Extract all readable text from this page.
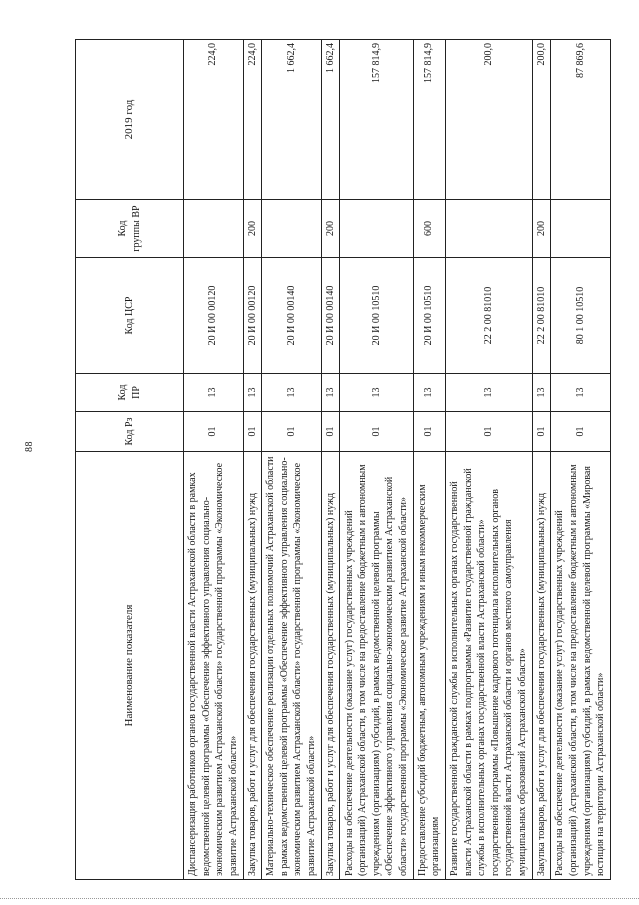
88
Наименование показателя	Код Рз	Код ПР	Код ЦСР	Код группы ВР	2019 год
Диспансеризация работников органов государственной власти Астраханской области в рамках ведомственной целевой программы «Обеспечение эффективного управления социально-экономическим развитием Астраханской области» государственной программы «Экономическое развитие Астраханской области»	01	13	20 И 00 00120		224,0
Закупка товаров, работ и услуг для обеспечения государственных (муниципальных) нужд	01	13	20 И 00 00120	200	224,0
Материально-техническое обеспечение реализации отдельных полномочий Астраханской области в рамках ведомственной целевой программы «Обеспечение эффективного управления социально-экономическим развитием Астраханской области» государственной программы «Экономическое развитие Астраханской области»	01	13	20 И 00 00140		1 662,4
Закупка товаров, работ и услуг для обеспечения государственных (муниципальных) нужд	01	13	20 И 00 00140	200	1 662,4
Расходы на обеспечение деятельности (оказание услуг) государственных учреждений (организаций) Астраханской области, в том числе на предоставление бюджетным и автономным учреждениям (организациям) субсидий, в рамках ведомственной целевой программы «Обеспечение эффективного управления социально-экономическим развитием Астраханской области» государственной программы «Экономическое развитие Астраханской области»	01	13	20 И 00 10510		157 814,9
Предоставление субсидий бюджетным, автономным учреждениям и иным некоммерческим организациям	01	13	20 И 00 10510	600	157 814,9
Развитие государственной гражданской службы в исполнительных органах государственной власти Астраханской области в рамках подпрограммы «Развитие государственной гражданской службы в исполнительных органах государственной власти Астраханской области» государственной программы «Повышение кадрового потенциала исполнительных органов государственной власти Астраханской области и органов местного самоуправления муниципальных образований Астраханской области»	01	13	22 2 00 81010		200,0
Закупка товаров, работ и услуг для обеспечения государственных (муниципальных) нужд	01	13	22 2 00 81010	200	200,0
Расходы на обеспечение деятельности (оказание услуг) государственных учреждений (организаций) Астраханской области, в том числе на предоставление бюджетным и автономным учреждениям (организациям) субсидий, в рамках ведомственной целевой программы «Мировая юстиция на территории Астраханской области»	01	13	80 1 00 10510		87 869,6
